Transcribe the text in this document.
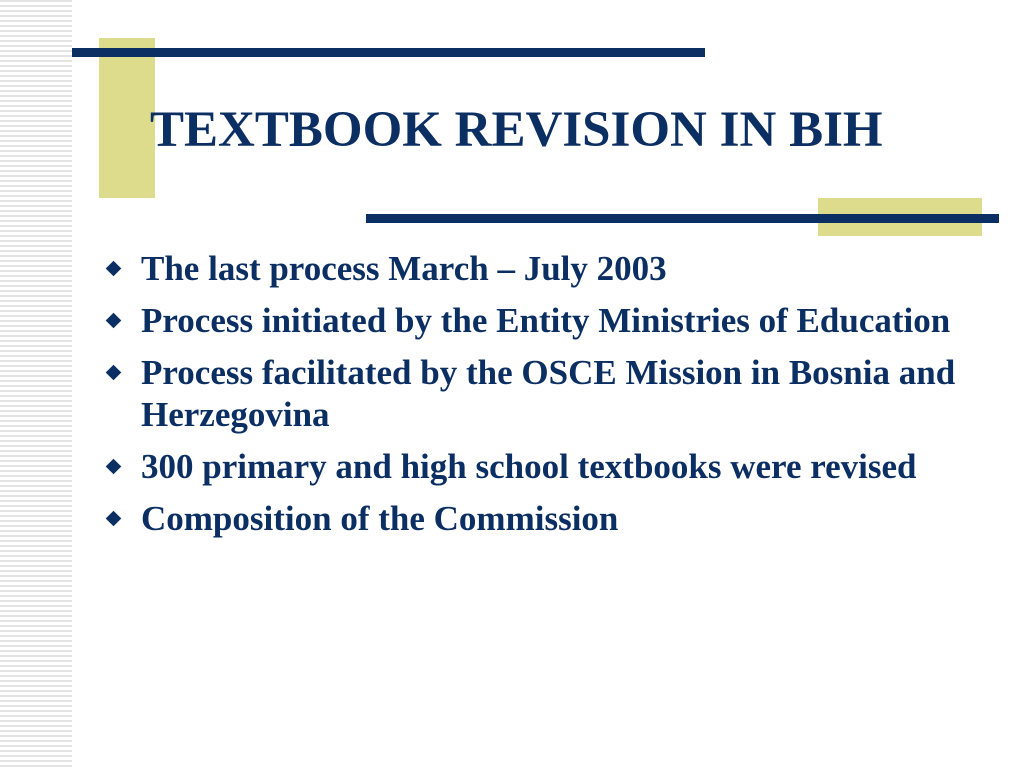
TEXTBOOK REVISION IN BIH
The last process March – July 2003
Process initiated by the Entity Ministries of Education
Process facilitated by the OSCE Mission in Bosnia and Herzegovina
300 primary and high school textbooks were revised
Composition of the Commission
